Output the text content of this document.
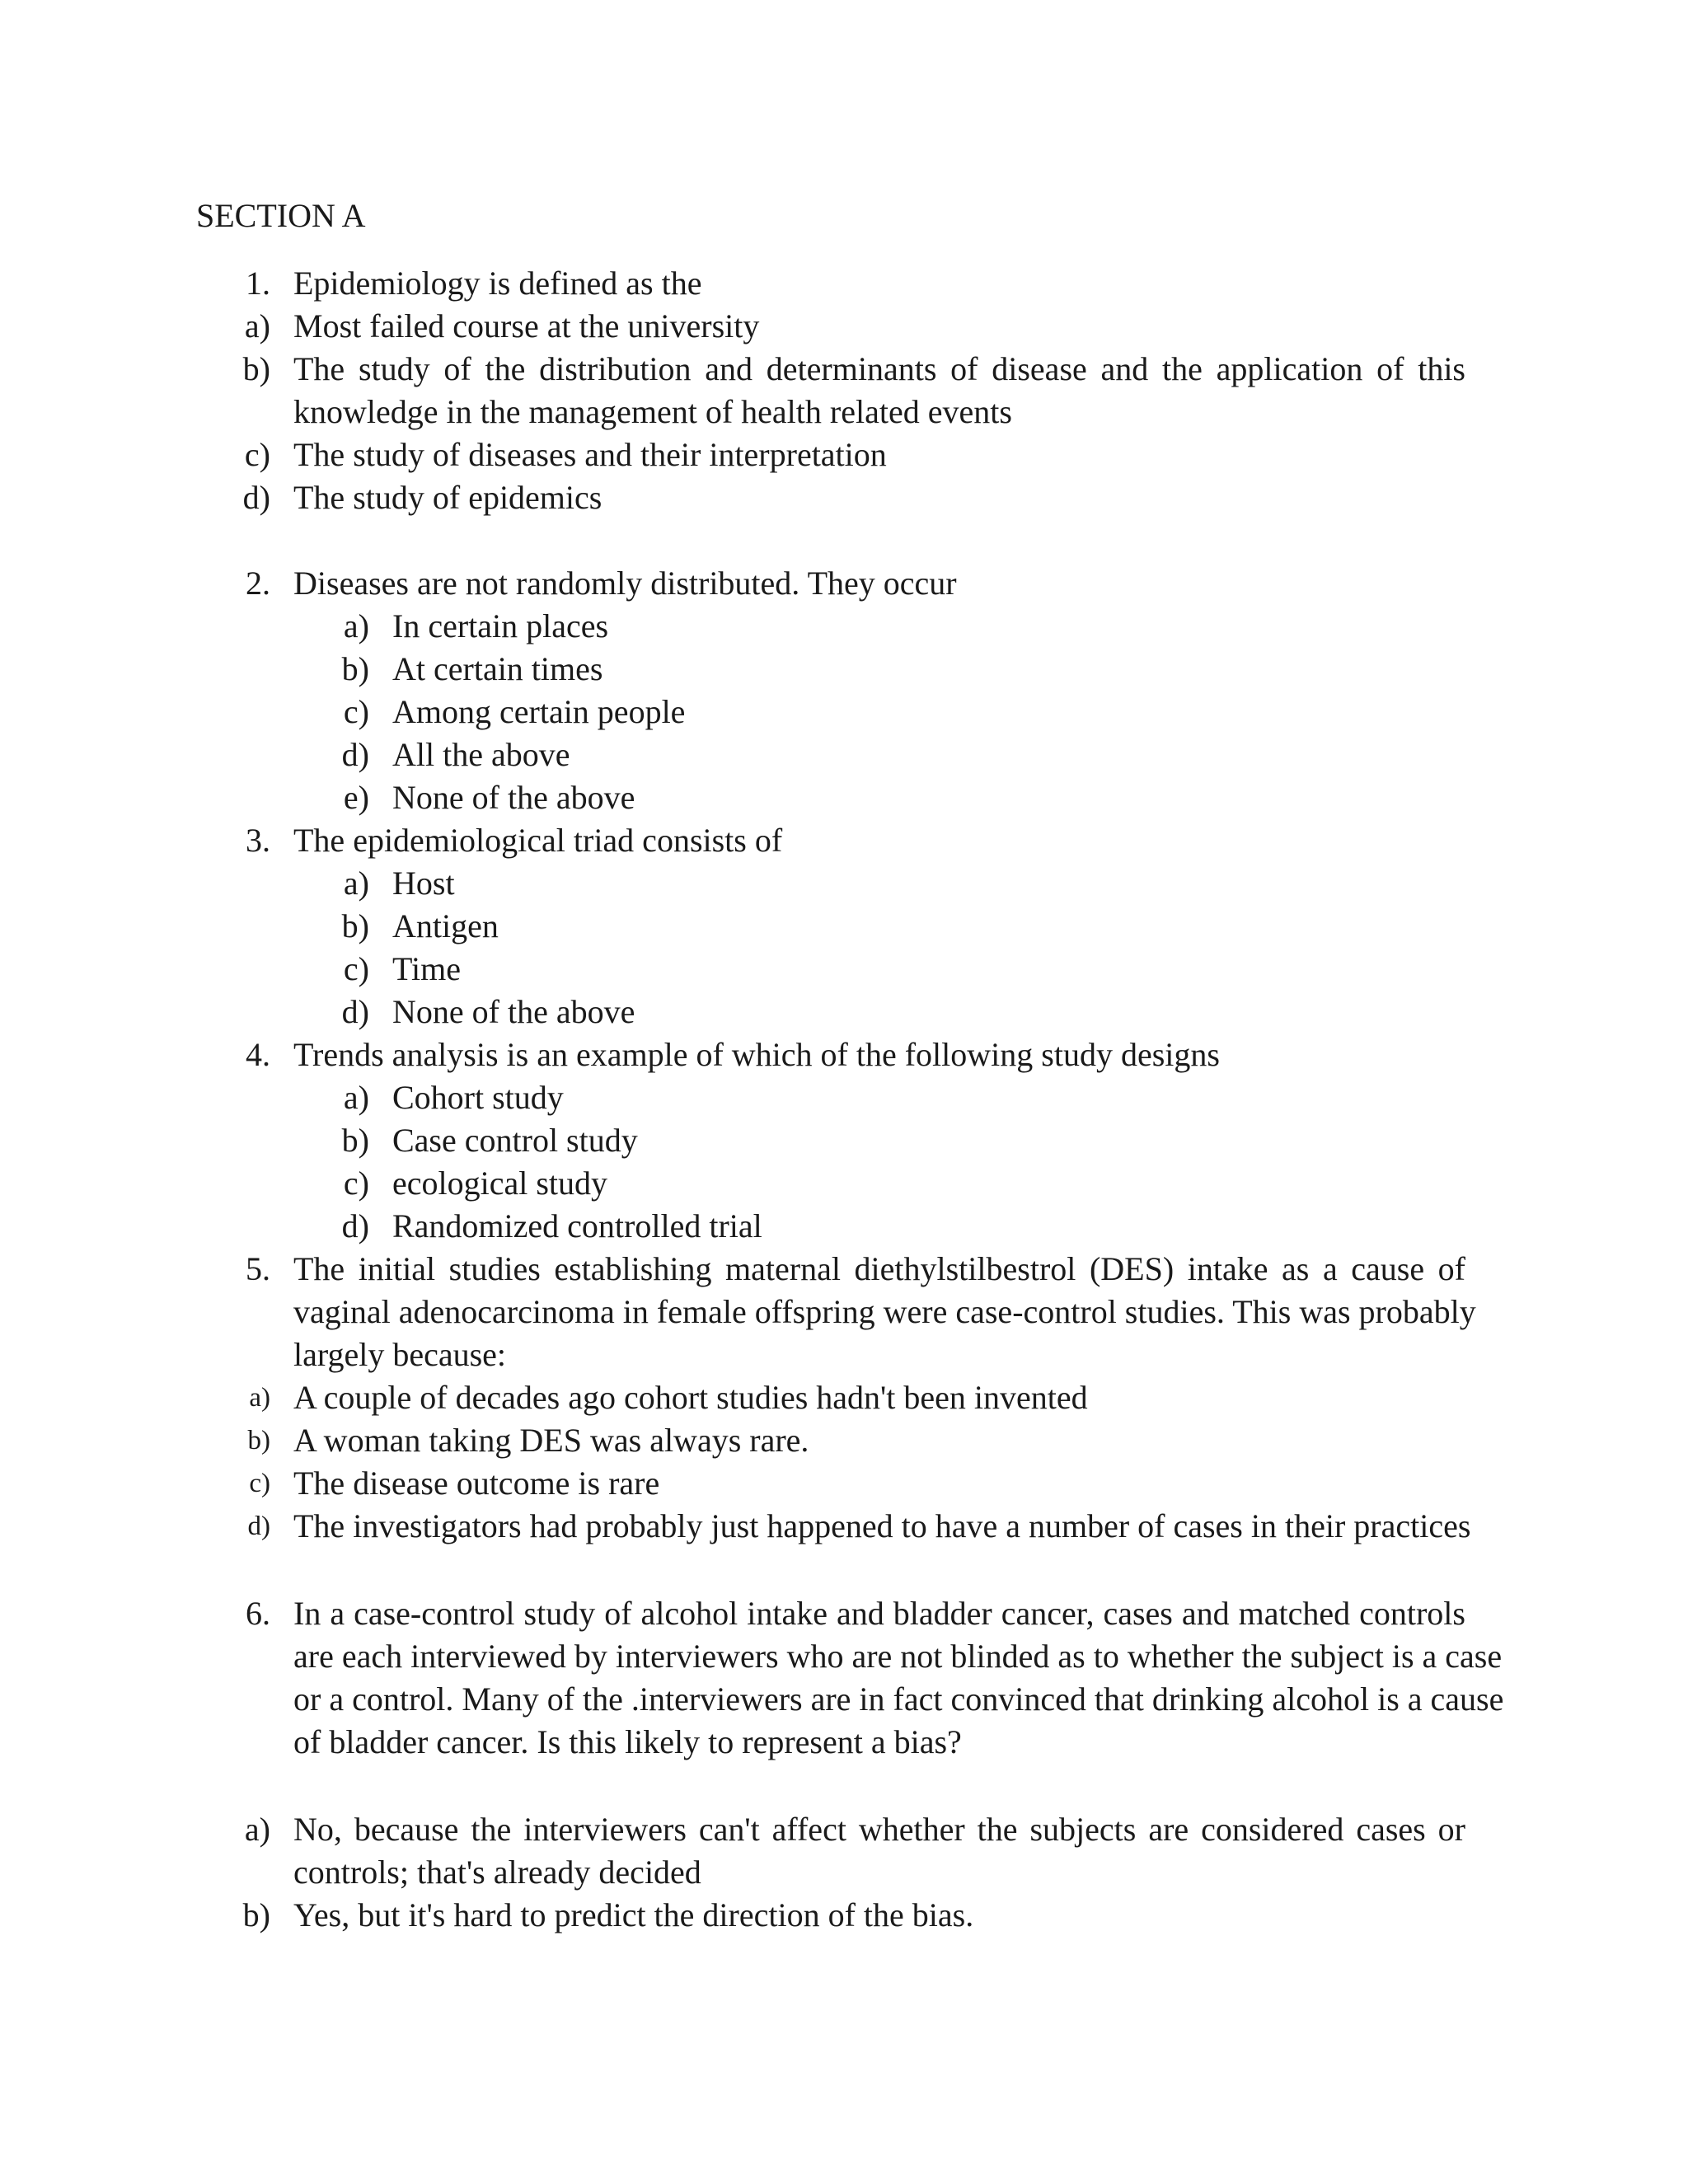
SECTION A
1. Epidemiology is defined as the
a) Most failed course at the university
b) The study of the distribution and determinants of disease and the application of this
knowledge in the management of health related events
c) The study of diseases and their interpretation
d) The study of epidemics
2. Diseases are not randomly distributed. They occur
a) In certain places
b) At certain times
c) Among certain people
d) All the above
e) None of the above
3. The epidemiological triad consists of
a) Host
b) Antigen
c) Time
d) None of the above
4. Trends analysis is an example of which of the following study designs
a) Cohort study
b) Case control study
c) ecological study
d) Randomized controlled trial
5. The initial studies establishing maternal diethylstilbestrol (DES) intake as a cause of
vaginal adenocarcinoma in female offspring were case-control studies. This was probably
largely because:
a) A couple of decades ago cohort studies hadn't been invented
b) A woman taking DES was always rare.
c) The disease outcome is rare
d) The investigators had probably just happened to have a number of cases in their practices
6. In a case-control study of alcohol intake and bladder cancer, cases and matched controls
are each interviewed by interviewers who are not blinded as to whether the subject is a case
or a control. Many of the .interviewers are in fact convinced that drinking alcohol is a cause
of bladder cancer. Is this likely to represent a bias?
a) No, because the interviewers can't affect whether the subjects are considered cases or
controls; that's already decided
b) Yes, but it's hard to predict the direction of the bias.
